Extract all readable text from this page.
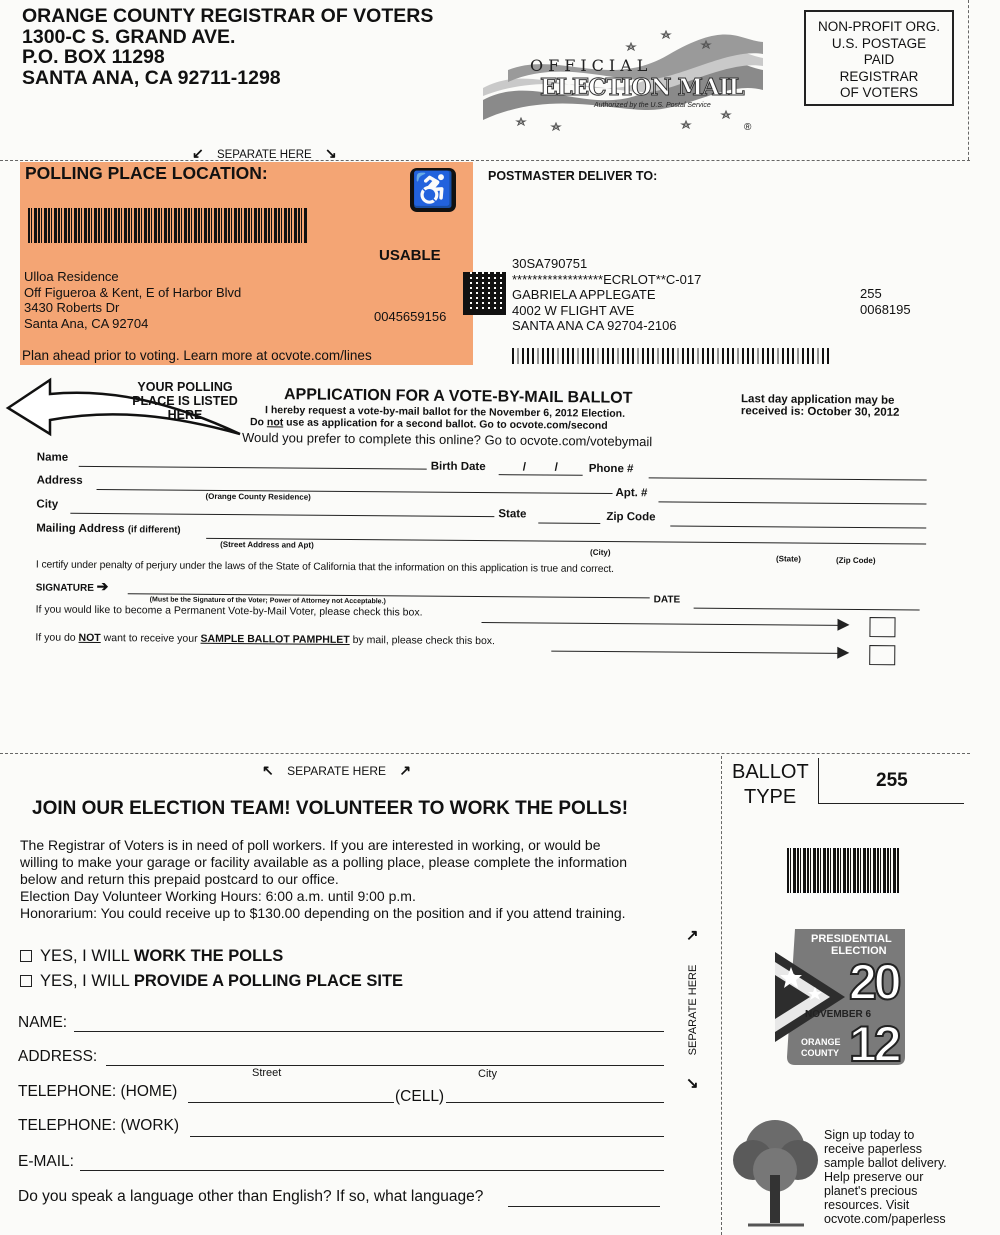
ORANGE COUNTY REGISTRAR OF VOTERS
1300-C S. GRAND AVE.
P.O. BOX 11298
SANTA ANA, CA 92711-1298
OFFICIAL
ELECTION MAIL
Authorized by the U.S. Postal Service
®
NON-PROFIT ORG.
U.S. POSTAGE
PAID
REGISTRAR
OF VOTERS
↙ SEPARATE HERE ↘
POLLING PLACE LOCATION:	♿
USABLE
Ulloa Residence
Off Figueroa & Kent, E of Harbor Blvd
3430 Roberts Dr
Santa Ana, CA 92704	0045659156
Plan ahead prior to voting. Learn more at ocvote.com/lines
POSTMASTER DELIVER TO:
30SA790751
******************ECRLOT**C-017
GABRIELA APPLEGATE
4002 W FLIGHT AVE
SANTA ANA CA 92704-2106
255
0068195
YOUR POLLING
PLACE IS LISTED
HERE
APPLICATION FOR A VOTE-BY-MAIL BALLOT
I hereby request a vote-by-mail ballot for the November 6, 2012 Election.
Do not use as application for a second ballot. Go to ocvote.com/second
Would you prefer to complete this online? Go to ocvote.com/votebymail
Last day application may be
received is: October 30, 2012
Name
Birth Date	/         /	Phone #
Address
(Orange County Residence)	Apt. #
City
State	Zip Code
Mailing Address (if different)
(Street Address and Apt)
(City)
(State)	(Zip Code)
I certify under penalty of perjury under the laws of the State of California that the information on this application is true and correct.
SIGNATURE ➔
(Must be the Signature of the Voter; Power of Attorney not Acceptable.)	DATE
If you would like to become a Permanent Vote-by-Mail Voter, please check this box.
If you do NOT want to receive your SAMPLE BALLOT PAMPHLET by mail, please check this box.
↖ SEPARATE HERE ↗	BALLOT
TYPE
255
PRESIDENTIAL
ELECTION
20
NOVEMBER 6
ORANGE
COUNTY 12
Sign up today to
receive paperless
sample ballot delivery.
Help preserve our
planet's precious
resources. Visit
ocvote.com/paperless
↗
SEPARATE HERE
↘
JOIN OUR ELECTION TEAM! VOLUNTEER TO WORK THE POLLS!
The Registrar of Voters is in need of poll workers. If you are interested in working, or would be
willing to make your garage or facility available as a polling place, please complete the information
below and return this prepaid postcard to our office.
Election Day Volunteer Working Hours: 6:00 a.m. until 9:00 p.m.
Honorarium: You could receive up to $130.00 depending on the position and if you attend training.
YES, I WILL WORK THE POLLS
YES, I WILL PROVIDE A POLLING PLACE SITE
NAME:
ADDRESS:
Street	City
TELEPHONE: (HOME)	(CELL)
TELEPHONE: (WORK)
E-MAIL:
Do you speak a language other than English? If so, what language?
